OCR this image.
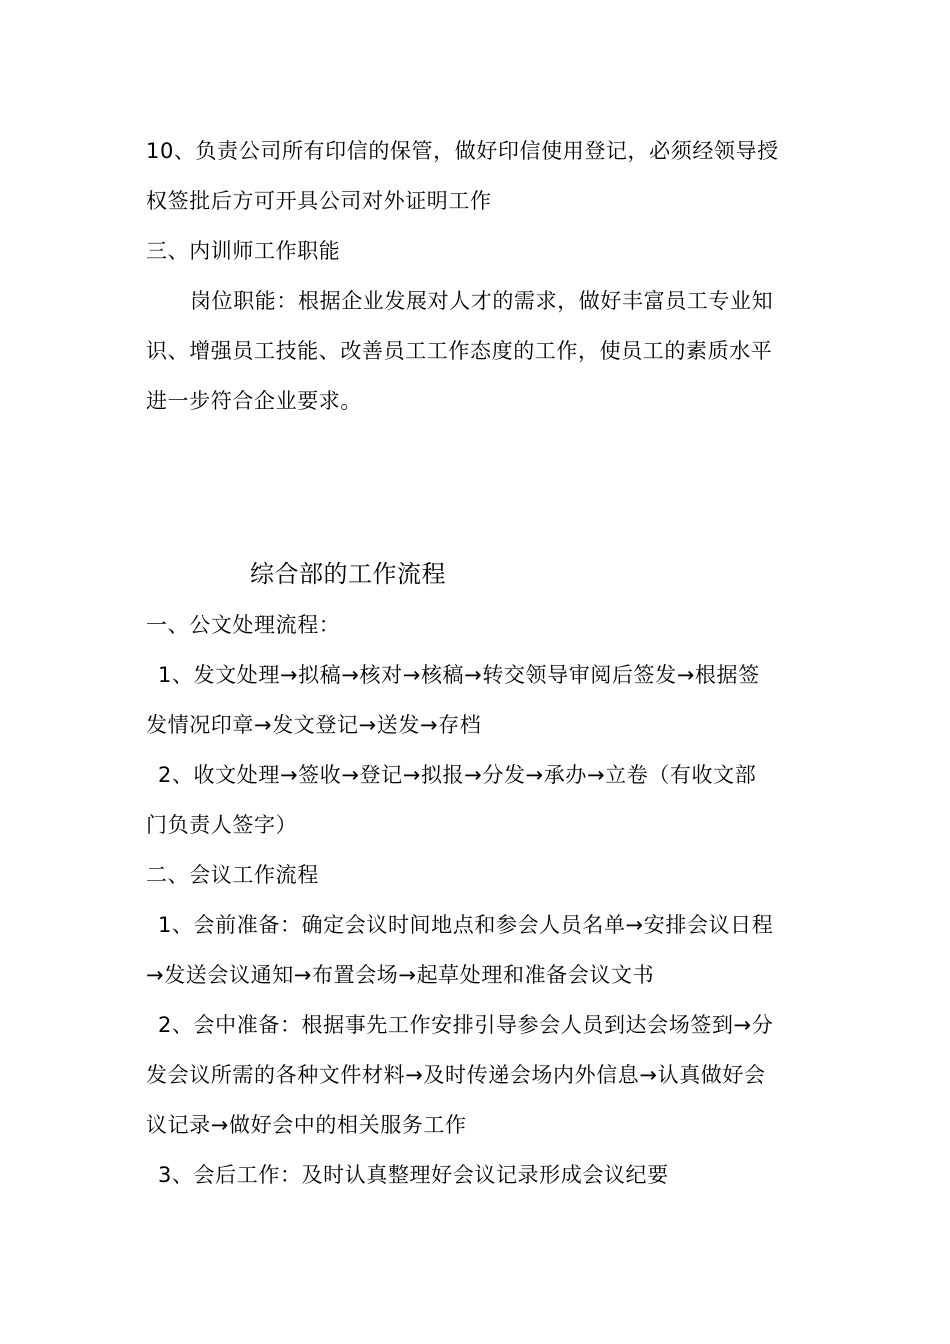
10、负责公司所有印信的保管，做好印信使用登记，必须经领导授
权签批后方可开具公司对外证明工作
三、内训师工作职能
岗位职能：根据企业发展对人才的需求，做好丰富员工专业知
识、增强员工技能、改善员工工作态度的工作，使员工的素质水平
进一步符合企业要求。
综合部的工作流程
一、公文处理流程：
1、发文处理→拟稿→核对→核稿→转交领导审阅后签发→根据签
发情况印章→发文登记→送发→存档
2、收文处理→签收→登记→拟报→分发→承办→立卷（有收文部
门负责人签字）
二、会议工作流程
1、会前准备：确定会议时间地点和参会人员名单→安排会议日程
→发送会议通知→布置会场→起草处理和准备会议文书
2、会中准备：根据事先工作安排引导参会人员到达会场签到→分
发会议所需的各种文件材料→及时传递会场内外信息→认真做好会
议记录→做好会中的相关服务工作
3、会后工作：及时认真整理好会议记录形成会议纪要
